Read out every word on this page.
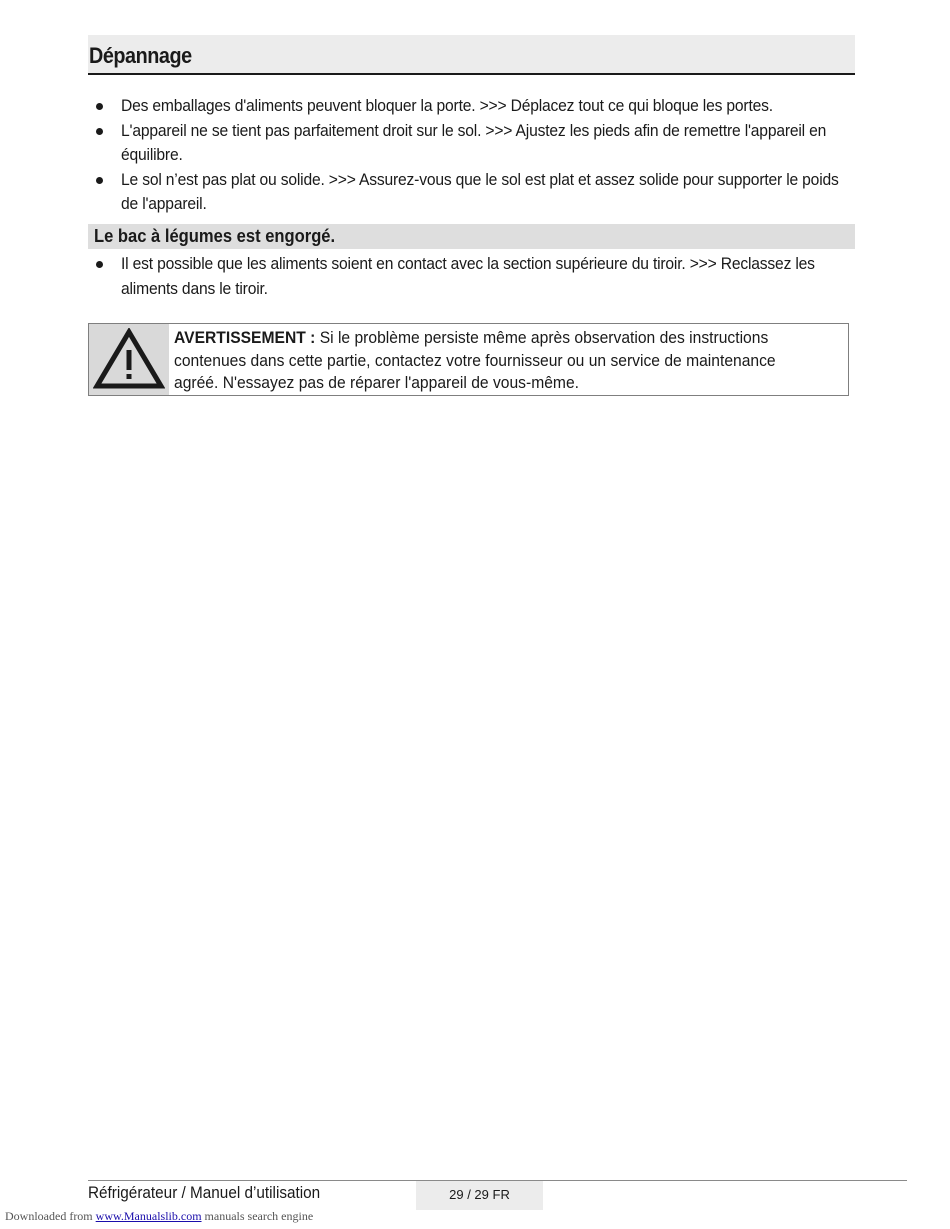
Dépannage
Des emballages d'aliments peuvent bloquer la porte. >>> Déplacez tout ce qui bloque les portes.
L'appareil ne se tient pas parfaitement droit sur le sol. >>> Ajustez les pieds afin de remettre l'appareil en équilibre.
Le sol n’est pas plat ou solide. >>> Assurez-vous que le sol est plat et assez solide pour supporter le poids de l'appareil.
Le bac à légumes est engorgé.
Il est possible que les aliments soient en contact avec la section supérieure du tiroir. >>> Reclassez les aliments dans le tiroir.
AVERTISSEMENT : Si le problème persiste même après observation des instructions contenues dans cette partie, contactez votre fournisseur ou un service de maintenance agréé. N'essayez pas de réparer l'appareil de vous-même.
Réfrigérateur / Manuel d’utilisation	29 / 29 FR
Downloaded from www.Manualslib.com manuals search engine
